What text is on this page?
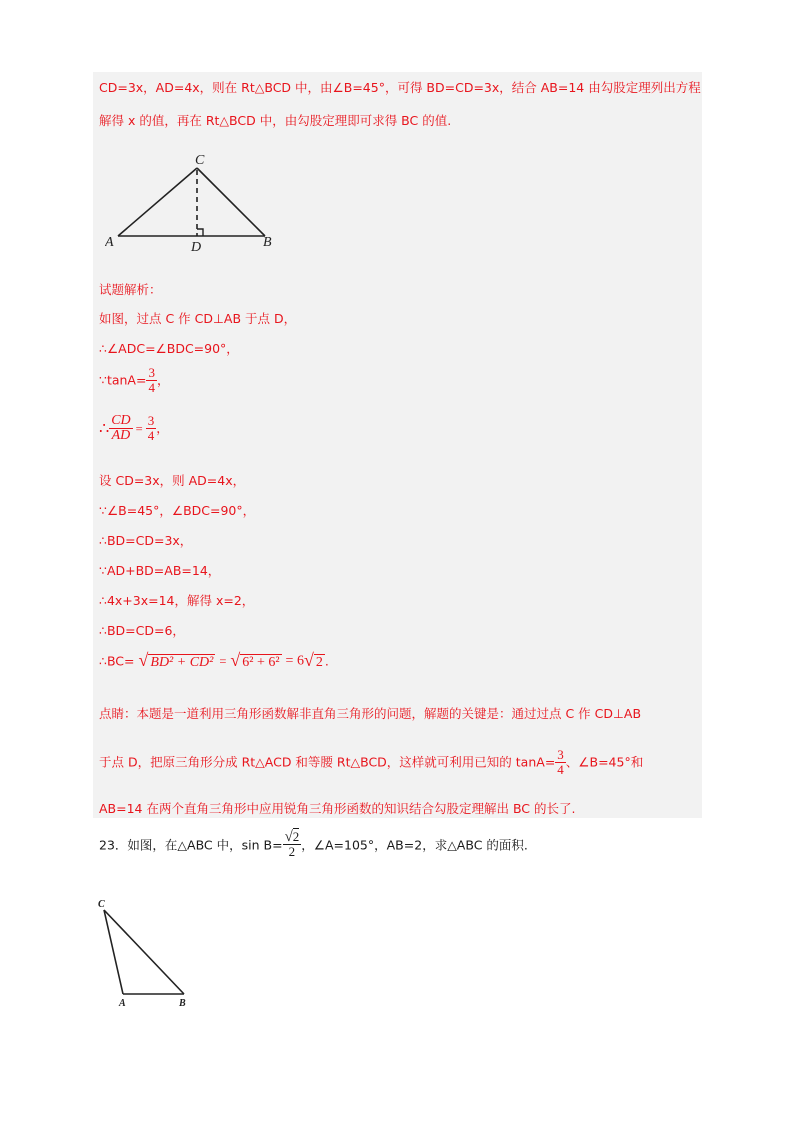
CD=3x，AD=4x，则在 Rt△BCD 中，由∠B=45°，可得 BD=CD=3x，结合 AB=14 由勾股定理列出方程
解得 x 的值，再在 Rt△BCD 中，由勾股定理即可求得 BC 的值.
C
A	D	B
试题解析：
如图，过点 C 作 CD⊥AB 于点 D，
∴∠ADC=∠BDC=90°，
∵tanA= $\frac{3}{4}$ ，
∴ $\frac{CD}{AD} = \frac{3}{4}$ ，
设 CD=3x，则 AD=4x，
∵∠B=45°，∠BDC=90°，
∴BD=CD=3x，
∵AD+BD=AB=14，
∴4x+3x=14，解得 x=2，
∴BD=CD=6，
∴BC= √ BD² + CD² = √ 6² + 6² = 6√ 2 .
点睛：本题是一道利用三角形函数解非直角三角形的问题，解题的关键是：通过过点 C 作 CD⊥AB
于点 D，把原三角形分成 Rt△ACD 和等腰 Rt△BCD，这样就可利用已知的 $\tan A= \frac{3}{4}$ 、∠B=45°和
AB=14 在两个直角三角形中应用锐角三角形函数的知识结合勾股定理解出 BC 的长了.
23．如图，在△ABC 中，$\sin B= \frac{√2}{2}$ ，∠A=105°，AB=2，求△ABC 的面积.
C
A	B
